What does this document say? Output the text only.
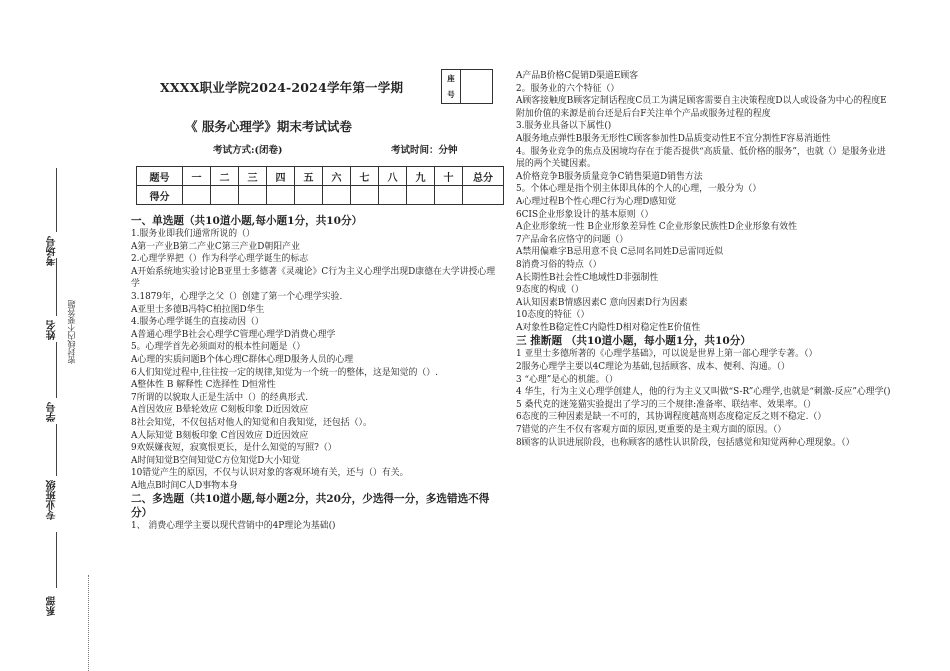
考场号
姓名 密封线内不要答题
学号
专业班级
系部
XXXX职业学院2024-2024学年第一学期
座
号
《 服务心理学》期末考试试卷
考试方式:(闭卷)	考试时间：分钟
题号	一	二	三	四	五	六	七	八	九	十	总分
得分											

一、单选题（共10道小题,每小题1分，共10分）

1.服务业即我们通常所说的（）

A第一产业B第二产业C第三产业D朝阳产业

2.心理学界把（）作为科学心理学诞生的标志

A开始系统地实验讨论B亚里士多德著《灵魂论》C行为主义心理学出现D康德在大学讲授心理学

3.1879年，心理学之父（）创建了第一个心理学实验.

A亚里士多德B冯特C柏拉图D华生

4.服务心理学诞生的直接动因（）

A普通心理学B社会心理学C管理心理学D消费心理学

5。心理学首先必须面对的根本性问题是（）

A心理的实质问题B个体心理C群体心理D服务人员的心理

6人们知觉过程中,往往按一定的规律,知觉为一个统一的整体，这是知觉的（）.

A整体性 B 解释性 C选择性 D恒常性

7所谓的以貌取人正是生活中（）的经典形式.

A首因效应 B晕轮效应 C刻板印象 D近因效应

8社会知觉，不仅包括对他人的知觉和自我知觉，还包括（）。

A人际知觉 B刻板印象 C首因效应 D近因效应

9欢娱嫌夜短，寂寞恨更长，是什么知觉的写照?（）

A时间知觉B空间知觉C方位知觉D大小知觉

10错觉产生的原因，不仅与认识对象的客观环境有关，还与（）有关。

A地点B时间C人D事物本身

二、多选题（共10道小题,每小题2分，共20分，少选得一分，多选错选不得分）

1、 消费心理学主要以现代营销中的4P理论为基础()

A产品B价格C促销D渠道E顾客

2。服务业的六个特征（）

A顾客接触度B顾客定制话程度C员工为满足顾客需要自主决策程度D以人或设备为中心的程度E附加价值的来源是前台还是后台F关注单个产品或服务过程的程度

3.服务业具备以下属性()

A服务地点弹性B服务无形性C顾客参加性D品质变动性E不宜分割性F容易消逝性

4。服务业竞争的焦点及困境均存在于能否提供“高质量、低价格的服务”，也就（）是服务业进展的两个关键因素。

A价格竞争B服务质量竞争C销售渠道D销售方法

5。个体心理是指个别主体即具体的个人的心理，一般分为（）

A心理过程B个性心理C行为心理D感知觉

6CIS企业形象设计的基本原则（）

A企业形象统一性 B企业形象差异性 C企业形象民族性D企业形象有效性

7产品命名应恪守的问题（）

A禁用偏难字B忌用意不良 C忌同名同姓D忌雷同近似

8消费习俗的特点（）

A长期性B社会性C地域性D非强制性

9态度的构成（）

A认知因素B情感因素C 意向因素D行为因素

10态度的特征（）

A对象性B稳定性C内隐性D相对稳定性E价值性

三 推断题 （共10道小题，每小题1分，共10分）

1 亚里士多德所著的《心理学基础》，可以说是世界上第一部心理学专著。（）

2服务心理学主要以4C理论为基础,包括顾客、成本、便利、沟通。（）

3 “心理”是心的机能。（）

4 华生，行为主义心理学创建人，他的行为主义又叫做“S-R”心理学,也就是“刺激-反应”心理学()

5 桑代克的迷笼猫实验提出了学习的三个规律:准备率、联结率、效果率。（）

6态度的三种因素是缺一不可的，其协调程度越高则态度稳定反之则不稳定.（）

7错觉的产生不仅有客观方面的原因,更重要的是主观方面的原因。（）

8顾客的认识进展阶段，也称顾客的感性认识阶段，包括感觉和知觉两种心理现象。（）
